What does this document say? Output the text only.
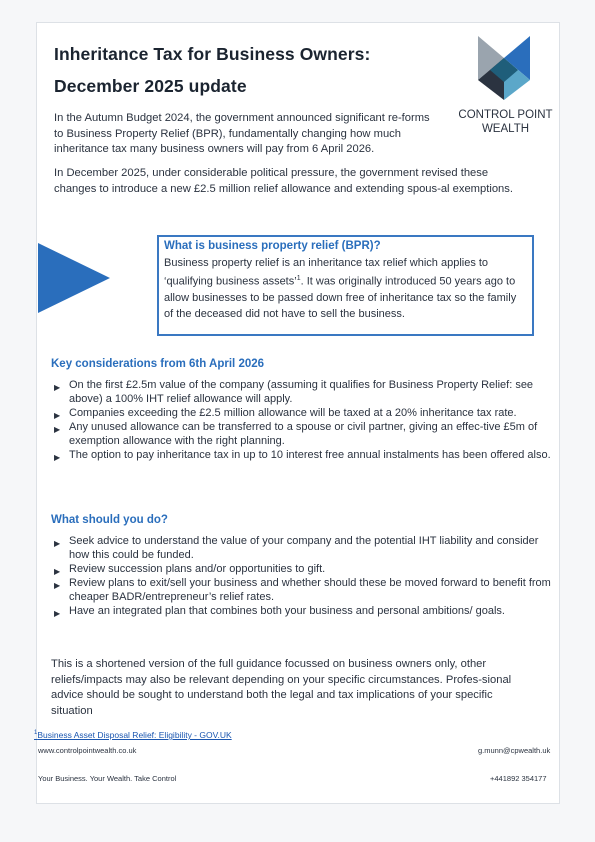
Inheritance Tax for Business Owners:
December 2025 update
CONTROL POINT
WEALTH
In the Autumn Budget 2024, the government announced significant re-forms to Business Property Relief (BPR), fundamentally changing how much inheritance tax many business owners will pay from 6 April 2026.
In December 2025, under considerable political pressure, the government revised these changes to introduce a new £2.5 million relief allowance and extending spous-al exemptions.
What is business property relief (BPR)?

Business property relief is an inheritance tax relief which applies to ‘qualifying business assets’$^1$. It was originally introduced 50 years ago to allow businesses to be passed down free of inheritance tax so the family of the deceased did not have to sell the business.

Key considerations from 6th April 2026
▶ On the first £2.5m value of the company (assuming it qualifies for Business Property Relief: see above) a 100% IHT relief allowance will apply.
▶ Companies exceeding the £2.5 million allowance will be taxed at a 20% inheritance tax rate.
▶ Any unused allowance can be transferred to a spouse or civil partner, giving an effec-tive £5m of exemption allowance with the right planning.
▶ The option to pay inheritance tax in up to 10 interest free annual instalments has been offered also.
What should you do?
▶ Seek advice to understand the value of your company and the potential IHT liability and consider how this could be funded.
▶ Review succession plans and/or opportunities to gift.
▶ Review plans to exit/sell your business and whether should these be moved forward to benefit from cheaper BADR/entrepreneur’s relief rates.
▶ Have an integrated plan that combines both your business and personal ambitions/ goals.
This is a shortened version of the full guidance focussed on business owners only, other reliefs/impacts may also be relevant depending on your specific circumstances. Profes-sional advice should be sought to understand both the legal and tax implications of your specific situation
$^1$Business Asset Disposal Relief: Eligibility - GOV.UK
www.controlpointwealth.co.uk	g.munn@cpwealth.uk
Your Business. Your Wealth. Take Control	+441892 354177
